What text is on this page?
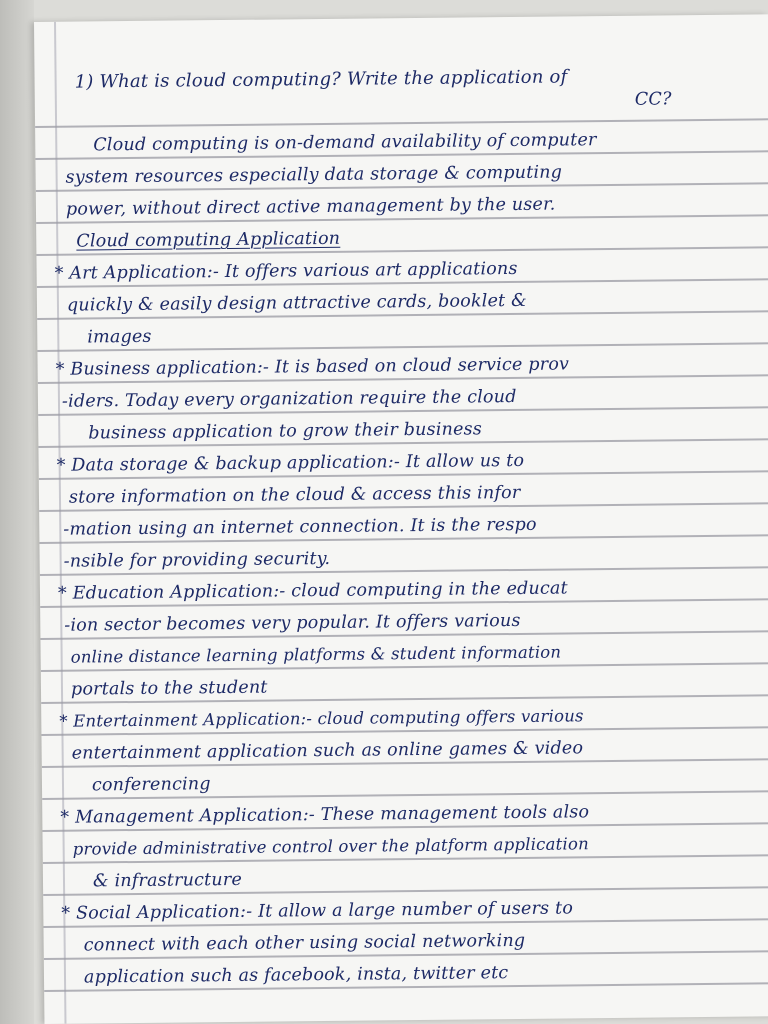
1) What is cloud computing? Write the application of
CC?
Cloud computing is on-demand availability of computer
system resources especially data storage & computing
power, without direct active management by the user.
Cloud computing Application
* Art Application:- It offers various art applications
quickly & easily design attractive cards, booklet &
images
* Business application:- It is based on cloud service prov
-iders. Today every organization require the cloud
business application to grow their business
* Data storage & backup application:- It allow us to
store information on the cloud & access this infor
-mation using an internet connection. It is the respo
-nsible for providing security.
* Education Application:- cloud computing in the educat
-ion sector becomes very popular. It offers various
online distance learning platforms & student information
portals to the student
* Entertainment Application:- cloud computing offers various
entertainment application such as online games & video
conferencing
* Management Application:- These management tools also
provide administrative control over the platform application
& infrastructure
* Social Application:- It allow a large number of users to
connect with each other using social networking
application such as facebook, insta, twitter etc
